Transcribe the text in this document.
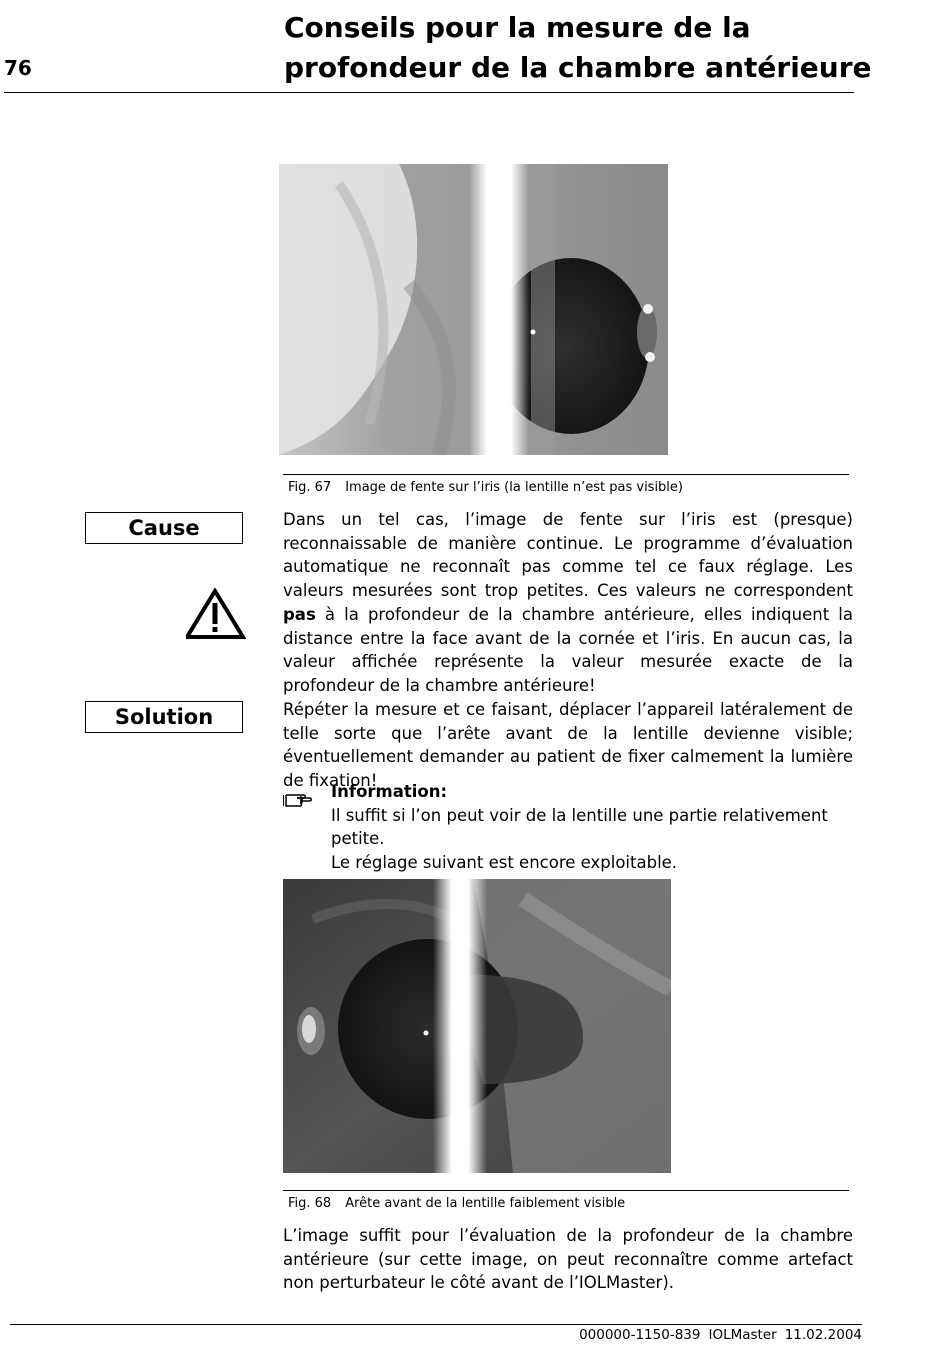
76
Conseils pour la mesure de la
profondeur de la chambre antérieure
Fig. 67 Image de fente sur l’iris (la lentille n’est pas visible)
Cause	Dans un tel cas, l’image de fente sur l’iris est (presque) reconnaissable de manière continue. Le programme d’évaluation automatique ne reconnaît pas comme tel ce faux réglage. Les valeurs mesurées sont trop petites. Ces valeurs ne correspondent pas à la profondeur de la chambre antérieure, elles indiquent la distance entre la face avant de la cornée et l’iris. En aucun cas, la valeur affichée représente la valeur mesurée exacte de la profondeur de la chambre antérieure!

Solution	Répéter la mesure et ce faisant, déplacer l’appareil latéralement de telle sorte que l’arête avant de la lentille devienne visible; éventuellement demander au patient de fixer calmement la lumière de fixation!

Information:
Il suffit si l’on peut voir de la lentille une partie relativement petite.
Le réglage suivant est encore exploitable.
Fig. 68 Arête avant de la lentille faiblement visible

L’image suffit pour l’évaluation de la profondeur de la chambre antérieure (sur cette image, on peut reconnaître comme artefact non perturbateur le côté avant de l’IOLMaster).

000000-1150-839 IOLMaster 11.02.2004
